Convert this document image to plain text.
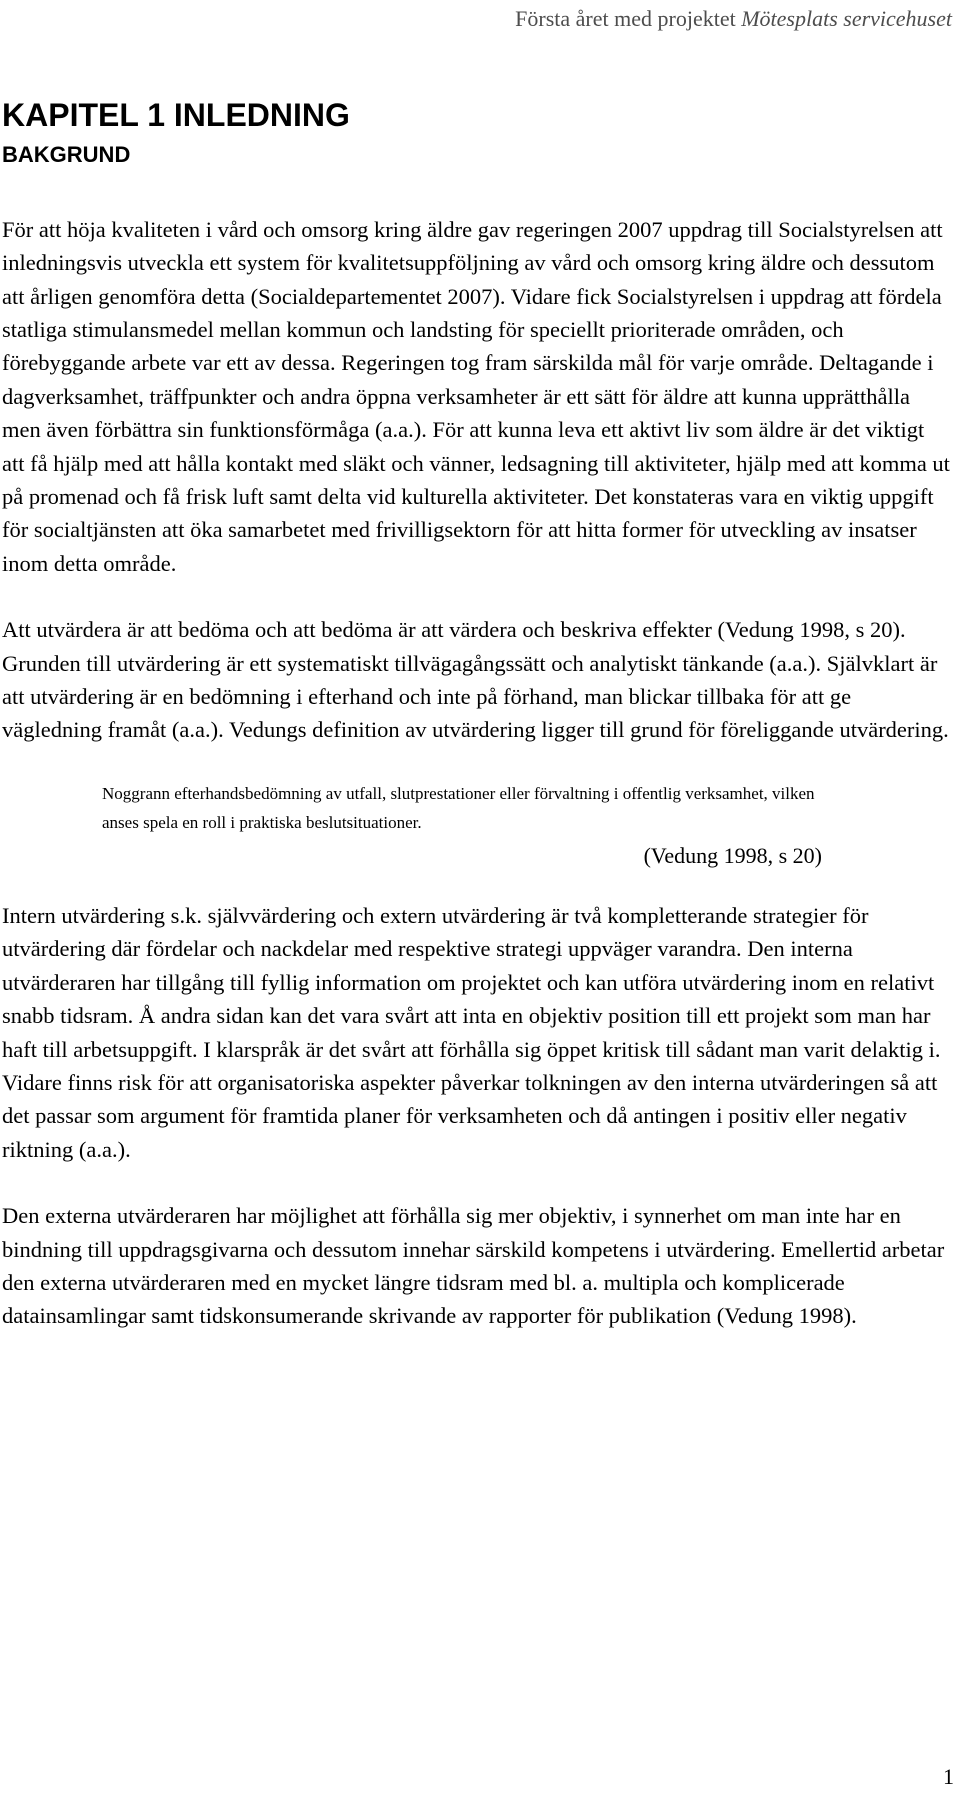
Första året med projektet Mötesplats servicehuset
KAPITEL 1 INLEDNING
BAKGRUND

För att höja kvaliteten i vård och omsorg kring äldre gav regeringen 2007 uppdrag till Socialstyrelsen att inledningsvis utveckla ett system för kvalitetsuppföljning av vård och omsorg kring äldre och dessutom att årligen genomföra detta (Socialdepartementet 2007). Vidare fick Socialstyrelsen i uppdrag att fördela statliga stimulansmedel mellan kommun och landsting för speciellt prioriterade områden, och förebyggande arbete var ett av dessa. Regeringen tog fram särskilda mål för varje område. Deltagande i dagverksamhet, träffpunkter och andra öppna verksamheter är ett sätt för äldre att kunna upprätthålla men även förbättra sin funktionsförmåga (a.a.). För att kunna leva ett aktivt liv som äldre är det viktigt att få hjälp med att hålla kontakt med släkt och vänner, ledsagning till aktiviteter, hjälp med att komma ut på promenad och få frisk luft samt delta vid kulturella aktiviteter. Det konstateras vara en viktig uppgift för socialtjänsten att öka samarbetet med frivilligsektorn för att hitta former för utveckling av insatser inom detta område.

Att utvärdera är att bedöma och att bedöma är att värdera och beskriva effekter (Vedung 1998, s 20). Grunden till utvärdering är ett systematiskt tillvägagångssätt och analytiskt tänkande (a.a.). Självklart är att utvärdering är en bedömning i efterhand och inte på förhand, man blickar tillbaka för att ge vägledning framåt (a.a.). Vedungs definition av utvärdering ligger till grund för föreliggande utvärdering.

Noggrann efterhandsbedömning av utfall, slutprestationer eller förvaltning i offentlig verksamhet, vilken anses spela en roll i praktiska beslutsituationer.

(Vedung 1998, s 20)

Intern utvärdering s.k. självvärdering och extern utvärdering är två kompletterande strategier för utvärdering där fördelar och nackdelar med respektive strategi uppväger varandra. Den interna utvärderaren har tillgång till fyllig information om projektet och kan utföra utvärdering inom en relativt snabb tidsram. Å andra sidan kan det vara svårt att inta en objektiv position till ett projekt som man har haft till arbetsuppgift. I klarspråk är det svårt att förhålla sig öppet kritisk till sådant man varit delaktig i. Vidare finns risk för att organisatoriska aspekter påverkar tolkningen av den interna utvärderingen så att det passar som argument för framtida planer för verksamheten och då antingen i positiv eller negativ riktning (a.a.).

Den externa utvärderaren har möjlighet att förhålla sig mer objektiv, i synnerhet om man inte har en bindning till uppdragsgivarna och dessutom innehar särskild kompetens i utvärdering. Emellertid arbetar den externa utvärderaren med en mycket längre tidsram med bl. a. multipla och komplicerade datainsamlingar samt tidskonsumerande skrivande av rapporter för publikation (Vedung 1998).

1
